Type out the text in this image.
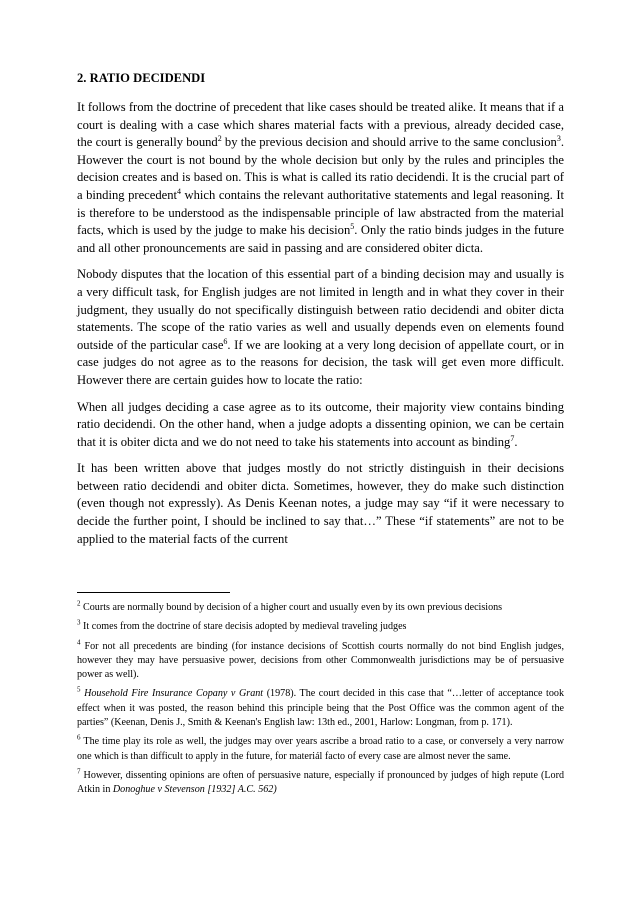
2. RATIO DECIDENDI

It follows from the doctrine of precedent that like cases should be treated alike. It means that if a court is dealing with a case which shares material facts with a previous, already decided case, the court is generally bound$^2$ by the previous decision and should arrive to the same conclusion$^3$. However the court is not bound by the whole decision but only by the rules and principles the decision creates and is based on. This is what is called its ratio decidendi. It is the crucial part of a binding precedent$^4$ which contains the relevant authoritative statements and legal reasoning. It is therefore to be understood as the indispensable principle of law abstracted from the material facts, which is used by the judge to make his decision$^5$. Only the ratio binds judges in the future and all other pronouncements are said in passing and are considered obiter dicta.

Nobody disputes that the location of this essential part of a binding decision may and usually is a very difficult task, for English judges are not limited in length and in what they cover in their judgment, they usually do not specifically distinguish between ratio decidendi and obiter dicta statements. The scope of the ratio varies as well and usually depends even on elements found outside of the particular case$^6$. If we are looking at a very long decision of appellate court, or in case judges do not agree as to the reasons for decision, the task will get even more difficult. However there are certain guides how to locate the ratio:

When all judges deciding a case agree as to its outcome, their majority view contains binding ratio decidendi. On the other hand, when a judge adopts a dissenting opinion, we can be certain that it is obiter dicta and we do not need to take his statements into account as binding$^7$.

It has been written above that judges mostly do not strictly distinguish in their decisions between ratio decidendi and obiter dicta. Sometimes, however, they do make such distinction (even though not expressly). As Denis Keenan notes, a judge may say “if it were necessary to decide the further point, I should be inclined to say that…” These “if statements” are not to be applied to the material facts of the current

$^2$ Courts are normally bound by decision of a higher court and usually even by its own previous decisions

$^3$ It comes from the doctrine of stare decisis adopted by medieval traveling judges

$^4$ For not all precedents are binding (for instance decisions of Scottish courts normally do not bind English judges, however they may have persuasive power, decisions from other Commonwealth jurisdictions may be of persuasive power as well).

$^5$ Household Fire Insurance Copany v Grant (1978). The court decided in this case that “…letter of acceptance took effect when it was posted, the reason behind this principle being that the Post Office was the common agent of the parties” (Keenan, Denis J., Smith & Keenan's English law: 13th ed., 2001, Harlow: Longman, from p. 171).

$^6$ The time play its role as well, the judges may over years ascribe a broad ratio to a case, or conversely a very narrow one which is than difficult to apply in the future, for materiál facto of every case are almost never the same.

$^7$ However, dissenting opinions are often of persuasive nature, especially if pronounced by judges of high repute (Lord Atkin in Donoghue v Stevenson [1932] A.C. 562)
